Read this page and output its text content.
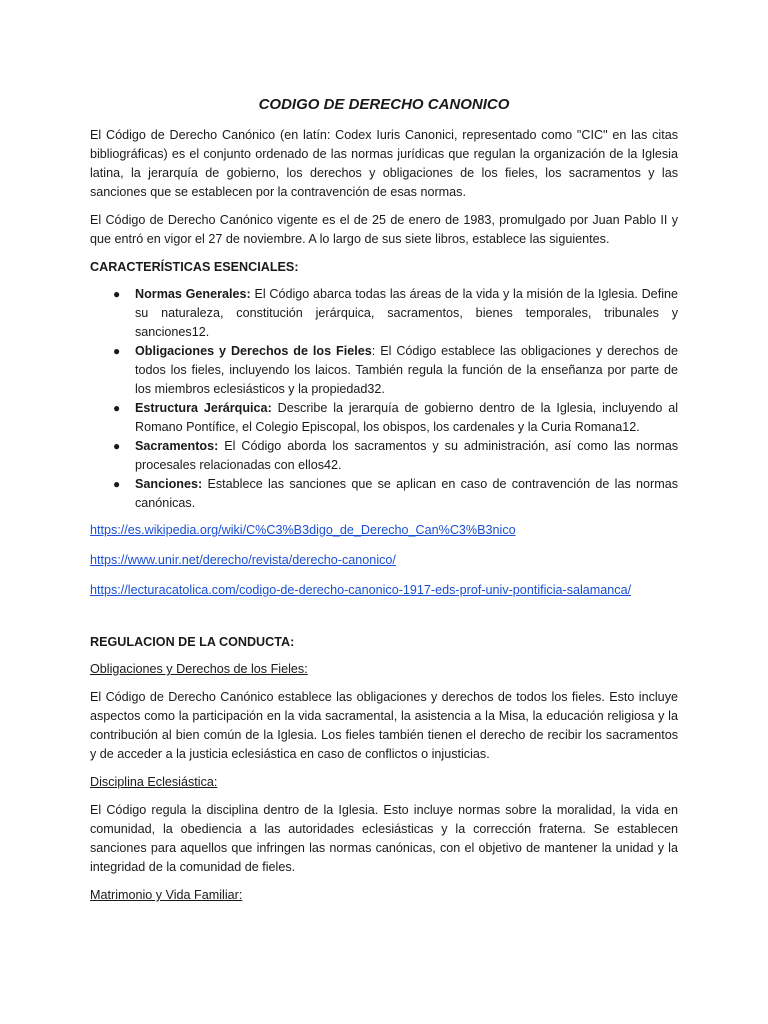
CODIGO DE DERECHO CANONICO

El Código de Derecho Canónico (en latín: Codex Iuris Canonici, representado como "CIC" en las citas bibliográficas) es el conjunto ordenado de las normas jurídicas que regulan la organización de la Iglesia latina, la jerarquía de gobierno, los derechos y obligaciones de los fieles, los sacramentos y las sanciones que se establecen por la contravención de esas normas.

El Código de Derecho Canónico vigente es el de 25 de enero de 1983, promulgado por Juan Pablo II y que entró en vigor el 27 de noviembre. A lo largo de sus siete libros, establece las siguientes.

CARACTERÍSTICAS ESENCIALES:
● Normas Generales: El Código abarca todas las áreas de la vida y la misión de la Iglesia. Define su naturaleza, constitución jerárquica, sacramentos, bienes temporales, tribunales y sanciones12.
● Obligaciones y Derechos de los Fieles: El Código establece las obligaciones y derechos de todos los fieles, incluyendo los laicos. También regula la función de la enseñanza por parte de los miembros eclesiásticos y la propiedad32.
● Estructura Jerárquica: Describe la jerarquía de gobierno dentro de la Iglesia, incluyendo al Romano Pontífice, el Colegio Episcopal, los obispos, los cardenales y la Curia Romana12.
● Sacramentos: El Código aborda los sacramentos y su administración, así como las normas procesales relacionadas con ellos42.
● Sanciones: Establece las sanciones que se aplican en caso de contravención de las normas canónicas.
https://es.wikipedia.org/wiki/C%C3%B3digo_de_Derecho_Can%C3%B3nico
https://www.unir.net/derecho/revista/derecho-canonico/
https://lecturacatolica.com/codigo-de-derecho-canonico-1917-eds-prof-univ-pontificia-salamanca/
REGULACION DE LA CONDUCTA:
Obligaciones y Derechos de los Fieles:

El Código de Derecho Canónico establece las obligaciones y derechos de todos los fieles. Esto incluye aspectos como la participación en la vida sacramental, la asistencia a la Misa, la educación religiosa y la contribución al bien común de la Iglesia. Los fieles también tienen el derecho de recibir los sacramentos y de acceder a la justicia eclesiástica en caso de conflictos o injusticias.

Disciplina Eclesiástica:

El Código regula la disciplina dentro de la Iglesia. Esto incluye normas sobre la moralidad, la vida en comunidad, la obediencia a las autoridades eclesiásticas y la corrección fraterna. Se establecen sanciones para aquellos que infringen las normas canónicas, con el objetivo de mantener la unidad y la integridad de la comunidad de fieles.

Matrimonio y Vida Familiar:
